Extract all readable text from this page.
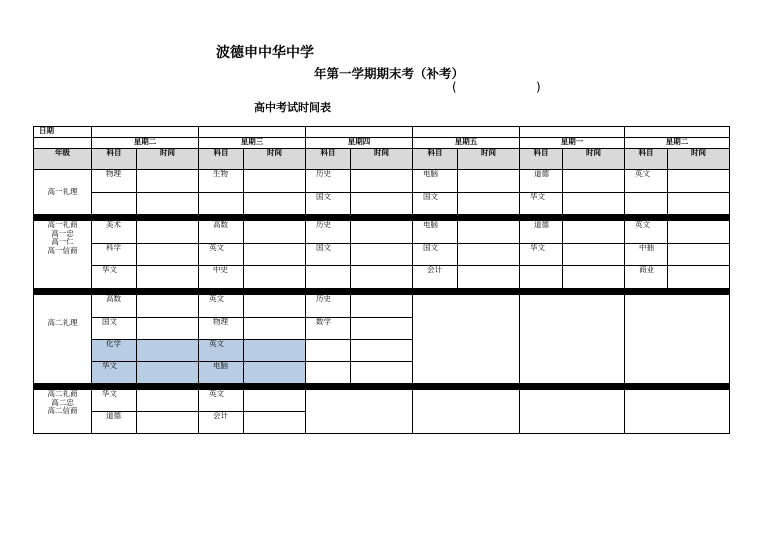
波德申中华中学
年第一学期期末考（补考）
(	)
高中考试时间表
日期												
	星期二		星期三		星期四		星期五		星期一		星期二	
年级	科目	时间	科目	时间	科目	时间	科目	时间	科目	时间	科目	时间

高一礼理	物理		生物		历史		电脑		道德		英文	
					国文		国文		华文			

高一礼商
高一忠
高一仁
高一信商	美术		高数		历史		电脑		道德		英文	
	科学		英文		国文		国文		华文		中抽	
	华文		中史				会计				商业	

高二礼理	高数		英文		历史							
	国文		物理		数学							
	化学		英文									
	华文		电脑									

高二礼商
高二忠
高二信商	华文		英文									
	道德		会计									
